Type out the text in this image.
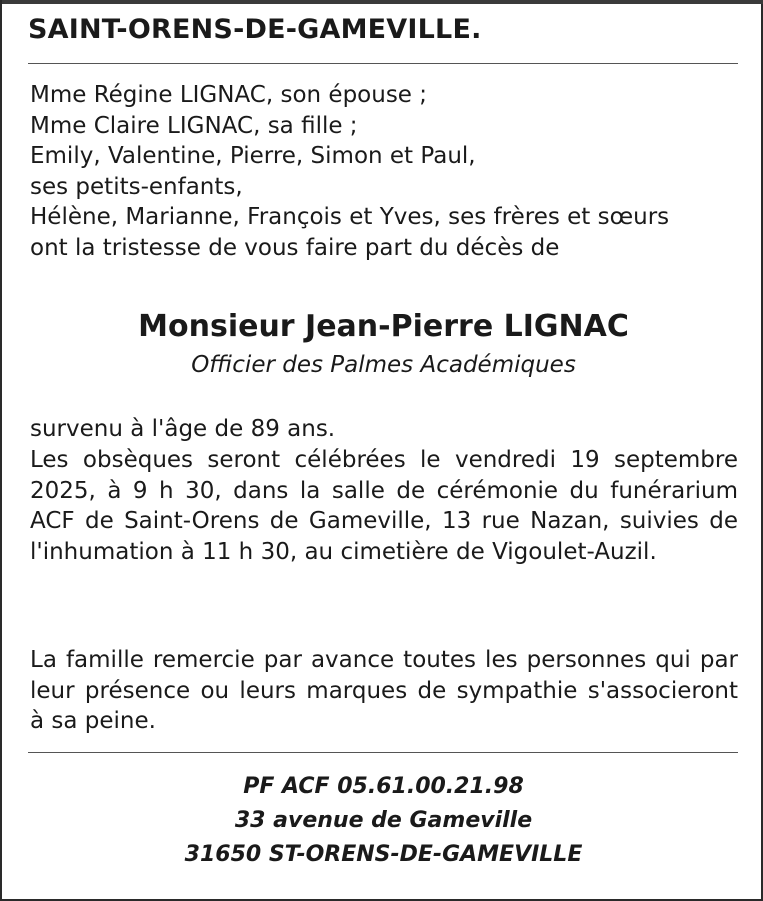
SAINT-ORENS-DE-GAMEVILLE.
Mme Régine LIGNAC, son épouse ;
Mme Claire LIGNAC, sa fille ;
Emily, Valentine, Pierre, Simon et Paul,
ses petits-enfants,
Hélène, Marianne, François et Yves, ses frères et sœurs
ont la tristesse de vous faire part du décès de
Monsieur Jean-Pierre LIGNAC
Officier des Palmes Académiques

survenu à l'âge de 89 ans.

Les obsèques seront célébrées le vendredi 19 septembre 2025, à 9 h 30, dans la salle de cérémonie du funérarium ACF de Saint-Orens de Gameville, 13 rue Nazan, suivies de l'inhumation à 11 h 30, au cimetière de Vigoulet-Auzil.

La famille remercie par avance toutes les personnes qui par leur présence ou leurs marques de sympathie s'associeront à sa peine.

PF ACF 05.61.00.21.98
33 avenue de Gameville
31650 ST-ORENS-DE-GAMEVILLE
